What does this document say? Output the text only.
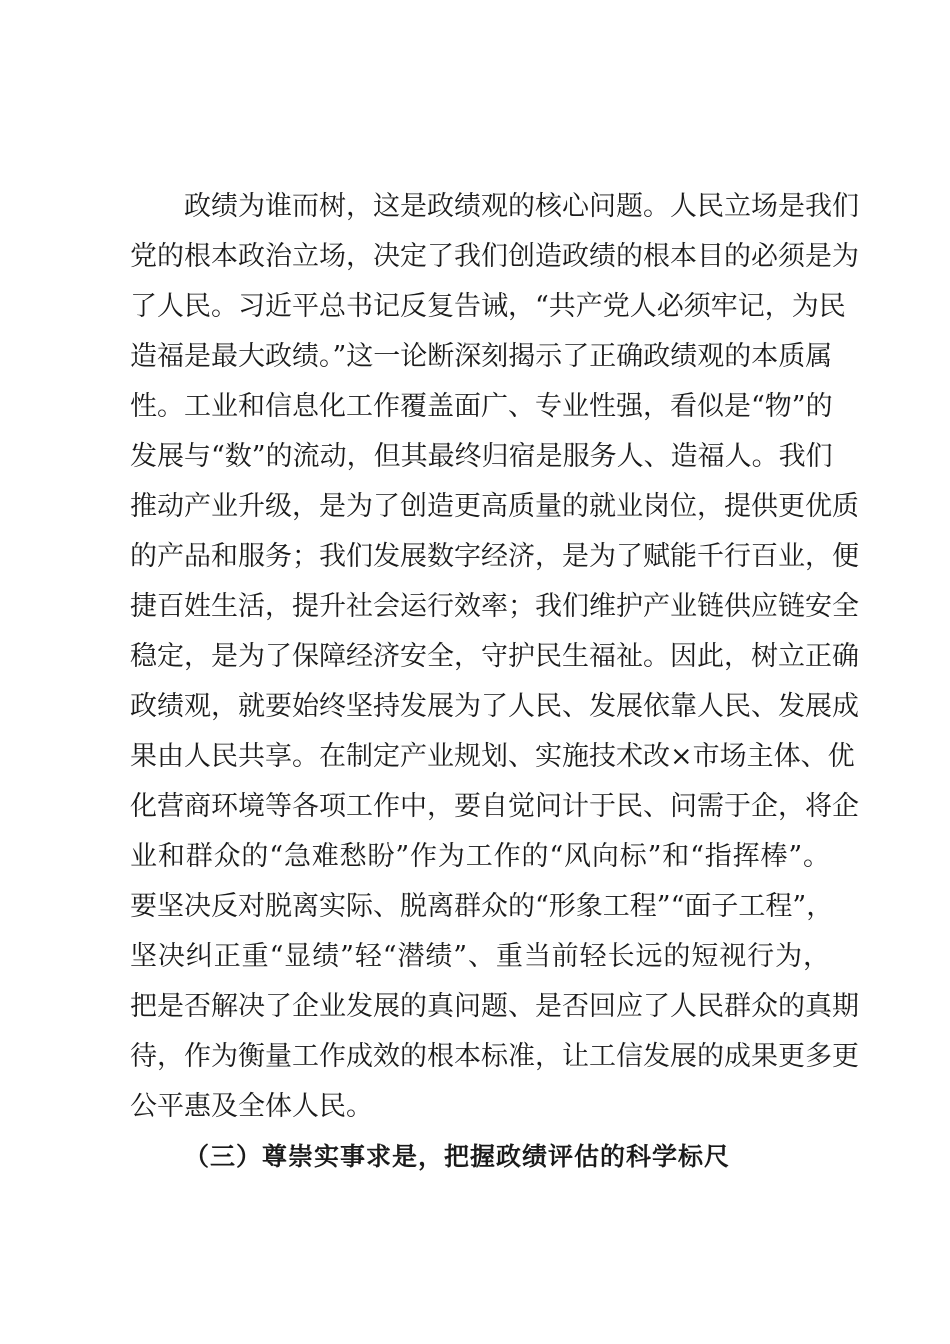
政绩为谁而树，这是政绩观的核心问题。人民立场是我们
党的根本政治立场，决定了我们创造政绩的根本目的必须是为
了人民。习近平总书记反复告诫，“共产党人必须牢记，为民
造福是最大政绩。”这一论断深刻揭示了正确政绩观的本质属
性。工业和信息化工作覆盖面广、专业性强，看似是“物”的
发展与“数”的流动，但其最终归宿是服务人、造福人。我们
推动产业升级，是为了创造更高质量的就业岗位，提供更优质
的产品和服务；我们发展数字经济，是为了赋能千行百业，便
捷百姓生活，提升社会运行效率；我们维护产业链供应链安全
稳定，是为了保障经济安全，守护民生福祉。因此，树立正确
政绩观，就要始终坚持发展为了人民、发展依靠人民、发展成
果由人民共享。在制定产业规划、实施技术改×市场主体、优
化营商环境等各项工作中，要自觉问计于民、问需于企，将企
业和群众的“急难愁盼”作为工作的“风向标”和“指挥棒”。
要坚决反对脱离实际、脱离群众的“形象工程”“面子工程”，
坚决纠正重“显绩”轻“潜绩”、重当前轻长远的短视行为，
把是否解决了企业发展的真问题、是否回应了人民群众的真期
待，作为衡量工作成效的根本标准，让工信发展的成果更多更
公平惠及全体人民。
（三）尊崇实事求是，把握政绩评估的科学标尺
